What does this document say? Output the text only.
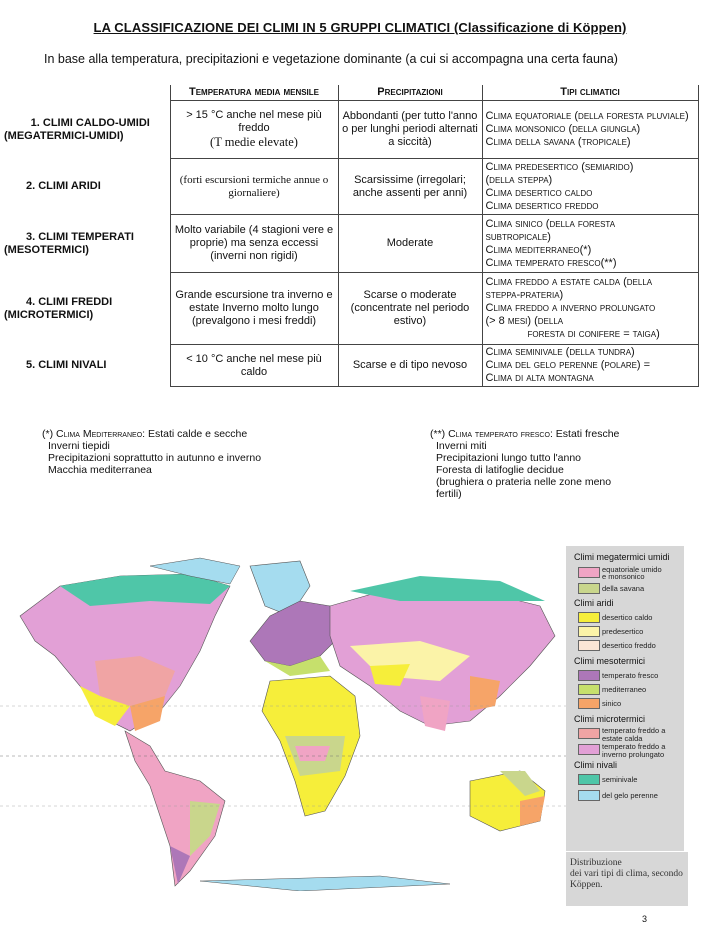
LA CLASSIFICAZIONE DEI CLIMI IN 5 GRUPPI CLIMATICI (Classificazione di Köppen)
In base alla temperatura, precipitazioni e vegetazione dominante (a cui si accompagna una certa fauna)
	Temperatura media mensile	Precipitazioni	Tipi climatici

1. CLIMI CALDO-UMIDI
(MEGATERMICI-UMIDI)	> 15 °C anche nel mese più freddo
(T medie elevate)	Abbondanti (per tutto l'anno o per lunghi periodi alternati a siccità)	Clima equatoriale (della foresta pluviale)
Clima monsonico (della giungla)
Clima della savana (tropicale)

2. CLIMI ARIDI	(forti escursioni termiche annue o giornaliere)	Scarsissime (irregolari; anche assenti per anni)	Clima predesertico (semiarido)
(della steppa)
Clima desertico caldo
Clima desertico freddo

3. CLIMI TEMPERATI
(MESOTERMICI)	Molto variabile (4 stagioni vere e proprie) ma senza eccessi (inverni non rigidi)	Moderate	Clima sinico (della foresta
subtropicale)
Clima mediterraneo(*)
Clima temperato fresco(**)

4. CLIMI FREDDI
(MICROTERMICI)	Grande escursione tra inverno e estate Inverno molto lungo (prevalgono i mesi freddi)	Scarse o moderate (concentrate nel periodo estivo)	Clima freddo a estate calda (della
steppa-prateria)
Clima freddo a inverno prolungato
(> 8 mesi) (della
foresta di conifere = taiga)

5. CLIMI NIVALI	< 10 °C anche nel mese più caldo	Scarse e di tipo nevoso	Clima seminivale (della tundra)
Clima del gelo perenne (polare) =
Clima di alta montagna
(*) Clima Mediterraneo: Estati calde e secche
Inverni tiepidi
Precipitazioni soprattutto in autunno e inverno
Macchia mediterranea
(**) Clima temperato fresco: Estati fresche
Inverni miti
Precipitazioni lungo tutto l'anno
Foresta di latifoglie decidue
(brughiera o prateria nelle zone meno
fertili)
Climi megatermici umidi
equatoriale umido
e monsonico
della savana
Climi aridi
desertico caldo
predesertico
desertico freddo
Climi mesotermici
temperato fresco
mediterraneo
sinico
Climi microtermici
temperato freddo a estate calda
temperato freddo a inverno prolungato
Climi nivali
seminivale
del gelo perenne
Distribuzione
dei vari tipi di clima, secondo
Köppen.
3
